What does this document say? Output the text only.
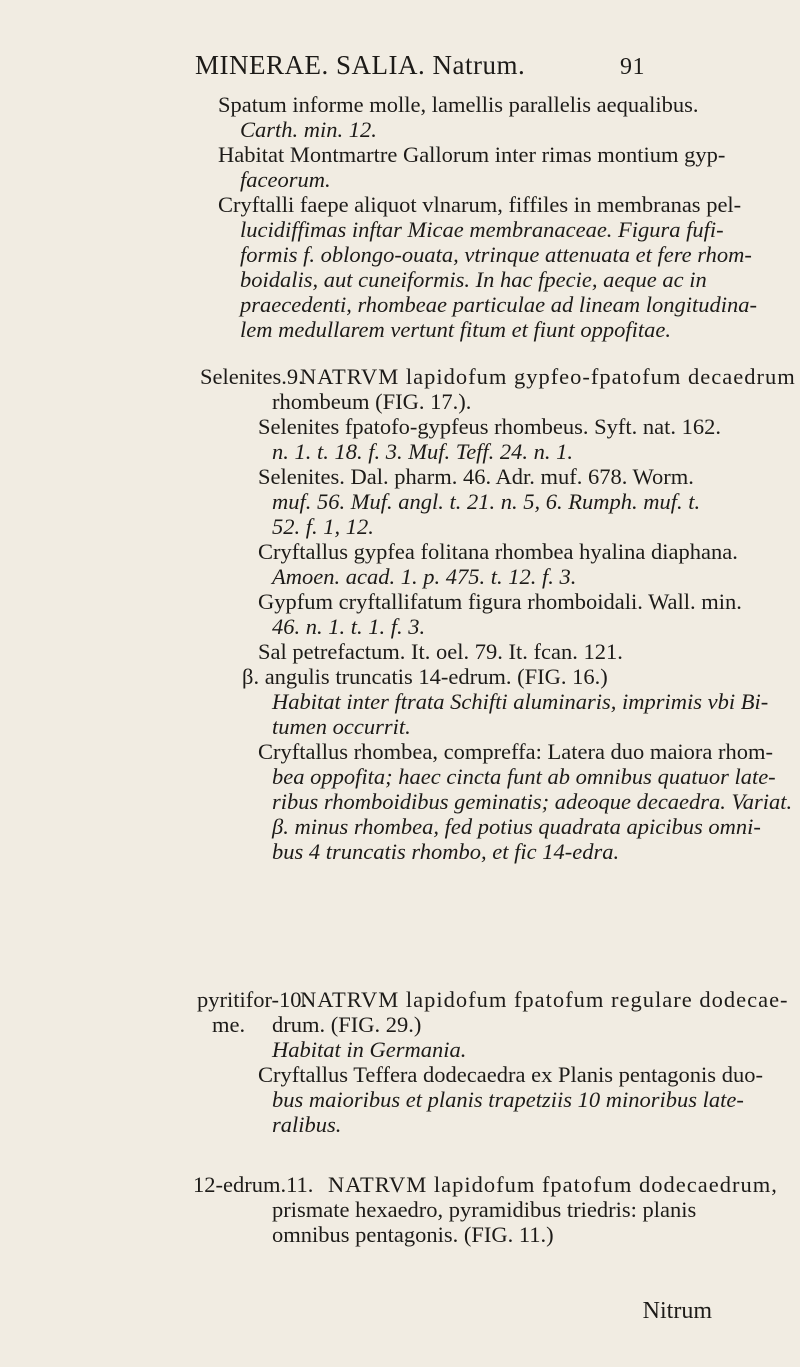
MINERAE. SALIA. Natrum.	91
Spatum informe molle, lamellis parallelis aequalibus.
Carth. min. 12.
Habitat Montmartre Gallorum inter rimas montium gyp-
faceorum.
Cryftalli faepe aliquot vlnarum, fiffiles in membranas pel-
lucidiffimas inftar Micae membranaceae. Figura fufi-
formis f. oblongo-ouata, vtrinque attenuata et fere rhom-
boidalis, aut cuneiformis. In hac fpecie, aeque ac in
praecedenti, rhombeae particulae ad lineam longitudina-
lem medullarem vertunt fitum et fiunt oppofitae.
Selenites.9.
NATRVM lapidofum gypfeo-fpatofum decaedrum
rhombeum (FIG. 17.).
Selenites fpatofo-gypfeus rhombeus. Syft. nat. 162.
n. 1. t. 18. f. 3. Muf. Teff. 24. n. 1.
Selenites. Dal. pharm. 46. Adr. muf. 678. Worm.
muf. 56. Muf. angl. t. 21. n. 5, 6. Rumph. muf. t.
52. f. 1, 12.
Cryftallus gypfea folitana rhombea hyalina diaphana.
Amoen. acad. 1. p. 475. t. 12. f. 3.
Gypfum cryftallifatum figura rhomboidali. Wall. min.
46. n. 1. t. 1. f. 3.
Sal petrefactum. It. oel. 79. It. fcan. 121.
β. angulis truncatis 14-edrum. (FIG. 16.)
Habitat inter ftrata Schifti aluminaris, imprimis vbi Bi-
tumen occurrit.
Cryftallus rhombea, compreffa: Latera duo maiora rhom-
bea oppofita; haec cincta funt ab omnibus quatuor late-
ribus rhomboidibus geminatis; adeoque decaedra. Variat.
β. minus rhombea, fed potius quadrata apicibus omni-
bus 4 truncatis rhombo, et fic 14-edra.
pyritifor-10.
me.
NATRVM lapidofum fpatofum regulare dodecae-
drum. (FIG. 29.)
Habitat in Germania.
Cryftallus Teffera dodecaedra ex Planis pentagonis duo-
bus maioribus et planis trapetziis 10 minoribus late-
ralibus.
12-edrum.11. NATRVM lapidofum fpatofum dodecaedrum,
prismate hexaedro, pyramidibus triedris: planis
omnibus pentagonis. (FIG. 11.)
Nitrum
